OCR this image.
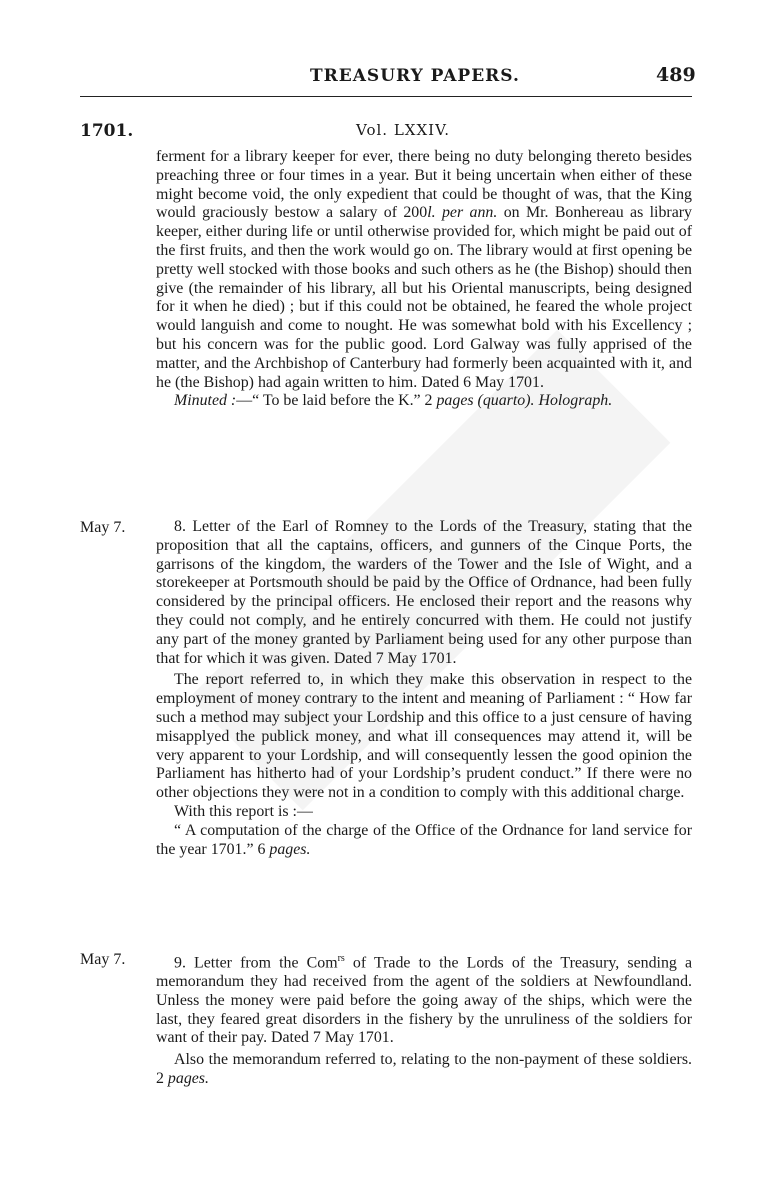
TREASURY PAPERS.	489
1701.	Vol. LXXIV.

ferment for a library keeper for ever, there being no duty belonging thereto besides preaching three or four times in a year. But it being uncertain when either of these might become void, the only expedient that could be thought of was, that the King would graciously bestow a salary of 200l. per ann. on Mr. Bonhereau as library keeper, either during life or until otherwise provided for, which might be paid out of the first fruits, and then the work would go on. The library would at first opening be pretty well stocked with those books and such others as he (the Bishop) should then give (the remainder of his library, all but his Oriental manuscripts, being designed for it when he died) ; but if this could not be obtained, he feared the whole project would languish and come to nought. He was somewhat bold with his Excellency ; but his concern was for the public good. Lord Galway was fully apprised of the matter, and the Archbishop of Canterbury had formerly been acquainted with it, and he (the Bishop) had again written to him. Dated 6 May 1701.

Minuted :—“ To be laid before the K.” 2 pages (quarto). Holograph.

May 7.	8. Letter of the Earl of Romney to the Lords of the Treasury, stating that the proposition that all the captains, officers, and gunners of the Cinque Ports, the garrisons of the kingdom, the warders of the Tower and the Isle of Wight, and a storekeeper at Portsmouth should be paid by the Office of Ordnance, had been fully considered by the principal officers. He enclosed their report and the reasons why they could not comply, and he entirely concurred with them. He could not justify any part of the money granted by Parliament being used for any other purpose than that for which it was given. Dated 7 May 1701.

The report referred to, in which they make this observation in respect to the employment of money contrary to the intent and meaning of Parliament : “ How far such a method may subject your Lordship and this office to a just censure of having misapplyed the publick money, and what ill consequences may attend it, will be very apparent to your Lordship, and will consequently lessen the good opinion the Parliament has hitherto had of your Lordship’s prudent conduct.” If there were no other objections they were not in a condition to comply with this additional charge.

With this report is :—

“ A computation of the charge of the Office of the Ordnance for land service for the year 1701.” 6 pages.

May 7.	9. Letter from the Com$^{rs}$ of Trade to the Lords of the Treasury, sending a memorandum they had received from the agent of the soldiers at Newfoundland. Unless the money were paid before the going away of the ships, which were the last, they feared great disorders in the fishery by the unruliness of the soldiers for want of their pay. Dated 7 May 1701.

Also the memorandum referred to, relating to the non-payment of these soldiers. 2 pages.
